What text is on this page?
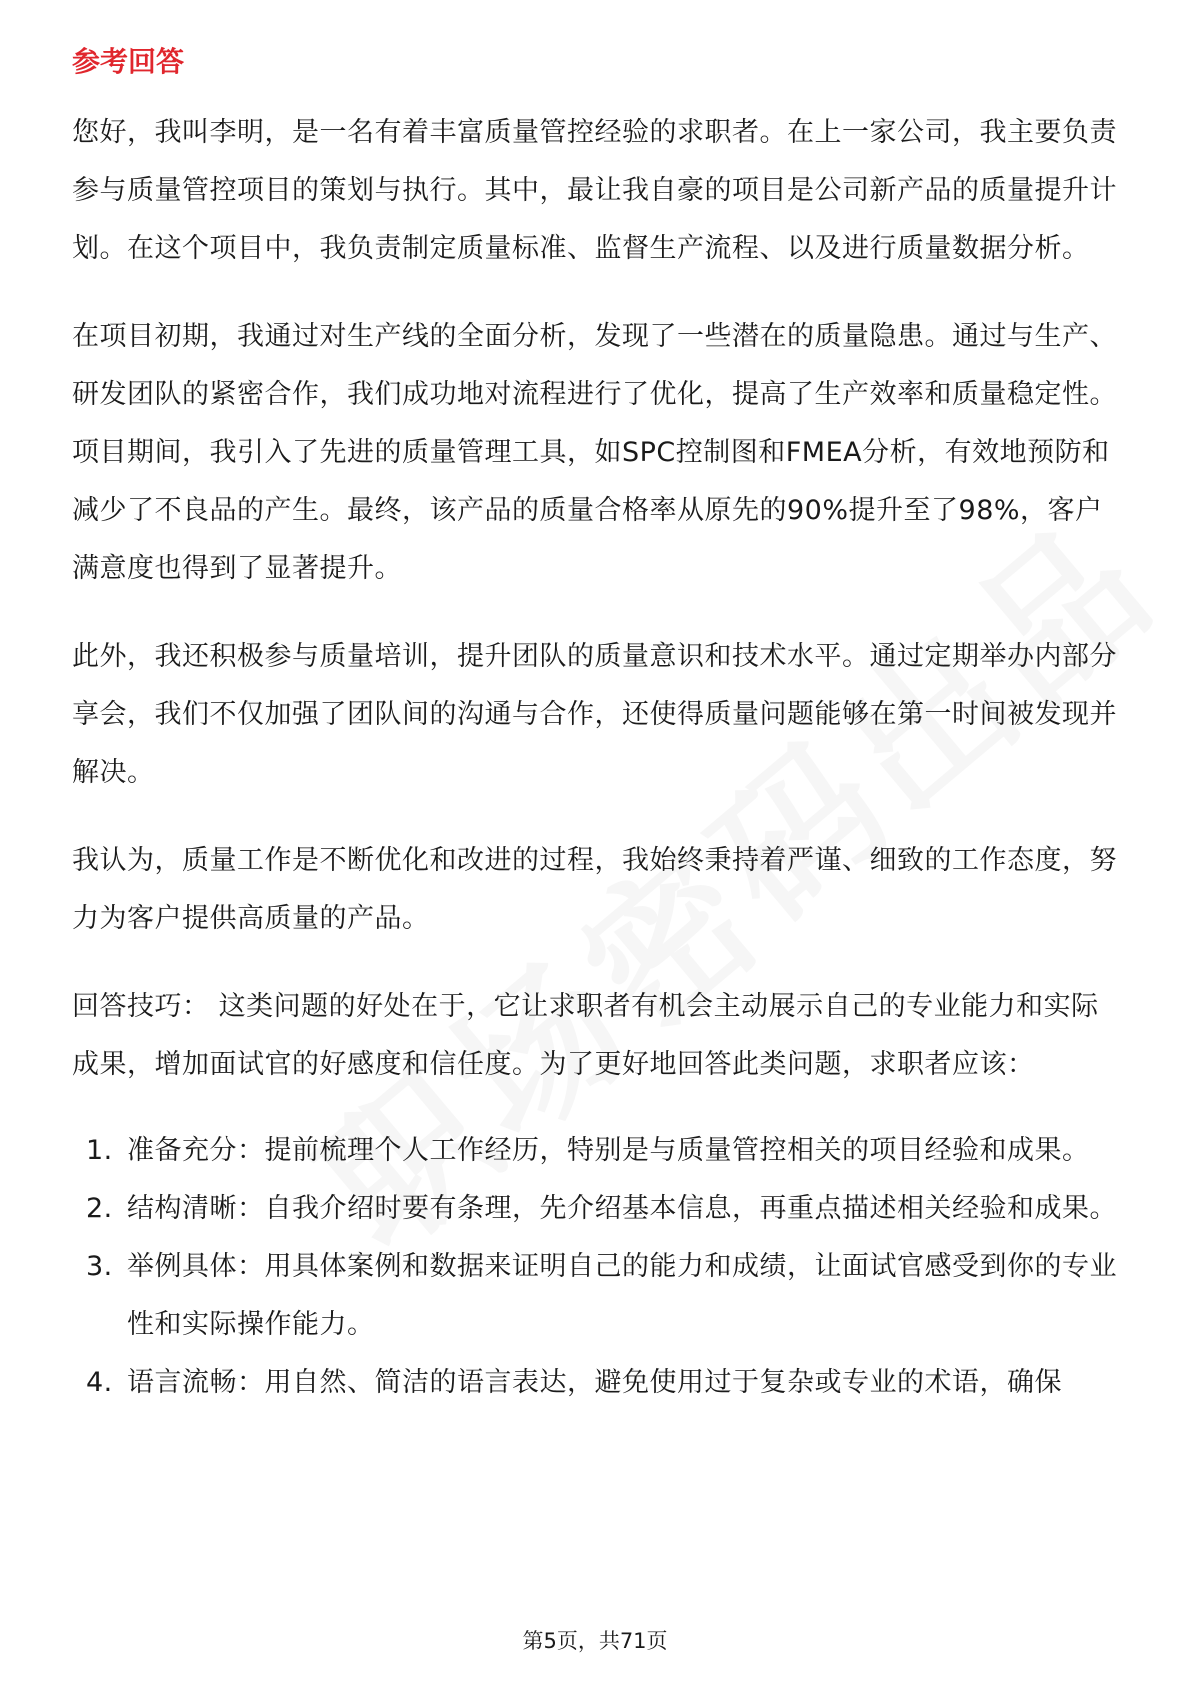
参考回答

您好，我叫李明，是一名有着丰富质量管控经验的求职者。在上一家公司，我主要负责参与质量管控项目的策划与执行。其中，最让我自豪的项目是公司新产品的质量提升计划。在这个项目中，我负责制定质量标准、监督生产流程、以及进行质量数据分析。

在项目初期，我通过对生产线的全面分析，发现了一些潜在的质量隐患。通过与生产、研发团队的紧密合作，我们成功地对流程进行了优化，提高了生产效率和质量稳定性。项目期间，我引入了先进的质量管理工具，如SPC控制图和FMEA分析，有效地预防和减少了不良品的产生。最终，该产品的质量合格率从原先的90%提升至了98%，客户满意度也得到了显著提升。

此外，我还积极参与质量培训，提升团队的质量意识和技术水平。通过定期举办内部分享会，我们不仅加强了团队间的沟通与合作，还使得质量问题能够在第一时间被发现并解决。

我认为，质量工作是不断优化和改进的过程，我始终秉持着严谨、细致的工作态度，努力为客户提供高质量的产品。

回答技巧： 这类问题的好处在于，它让求职者有机会主动展示自己的专业能力和实际成果，增加面试官的好感度和信任度。为了更好地回答此类问题，求职者应该：

1. 准备充分：提前梳理个人工作经历，特别是与质量管控相关的项目经验和成果。
2. 结构清晰：自我介绍时要有条理，先介绍基本信息，再重点描述相关经验和成果。
3. 举例具体：用具体案例和数据来证明自己的能力和成绩，让面试官感受到你的专业性和实际操作能力。
4. 语言流畅：用自然、简洁的语言表达，避免使用过于复杂或专业的术语，确保
第5页，共71页
